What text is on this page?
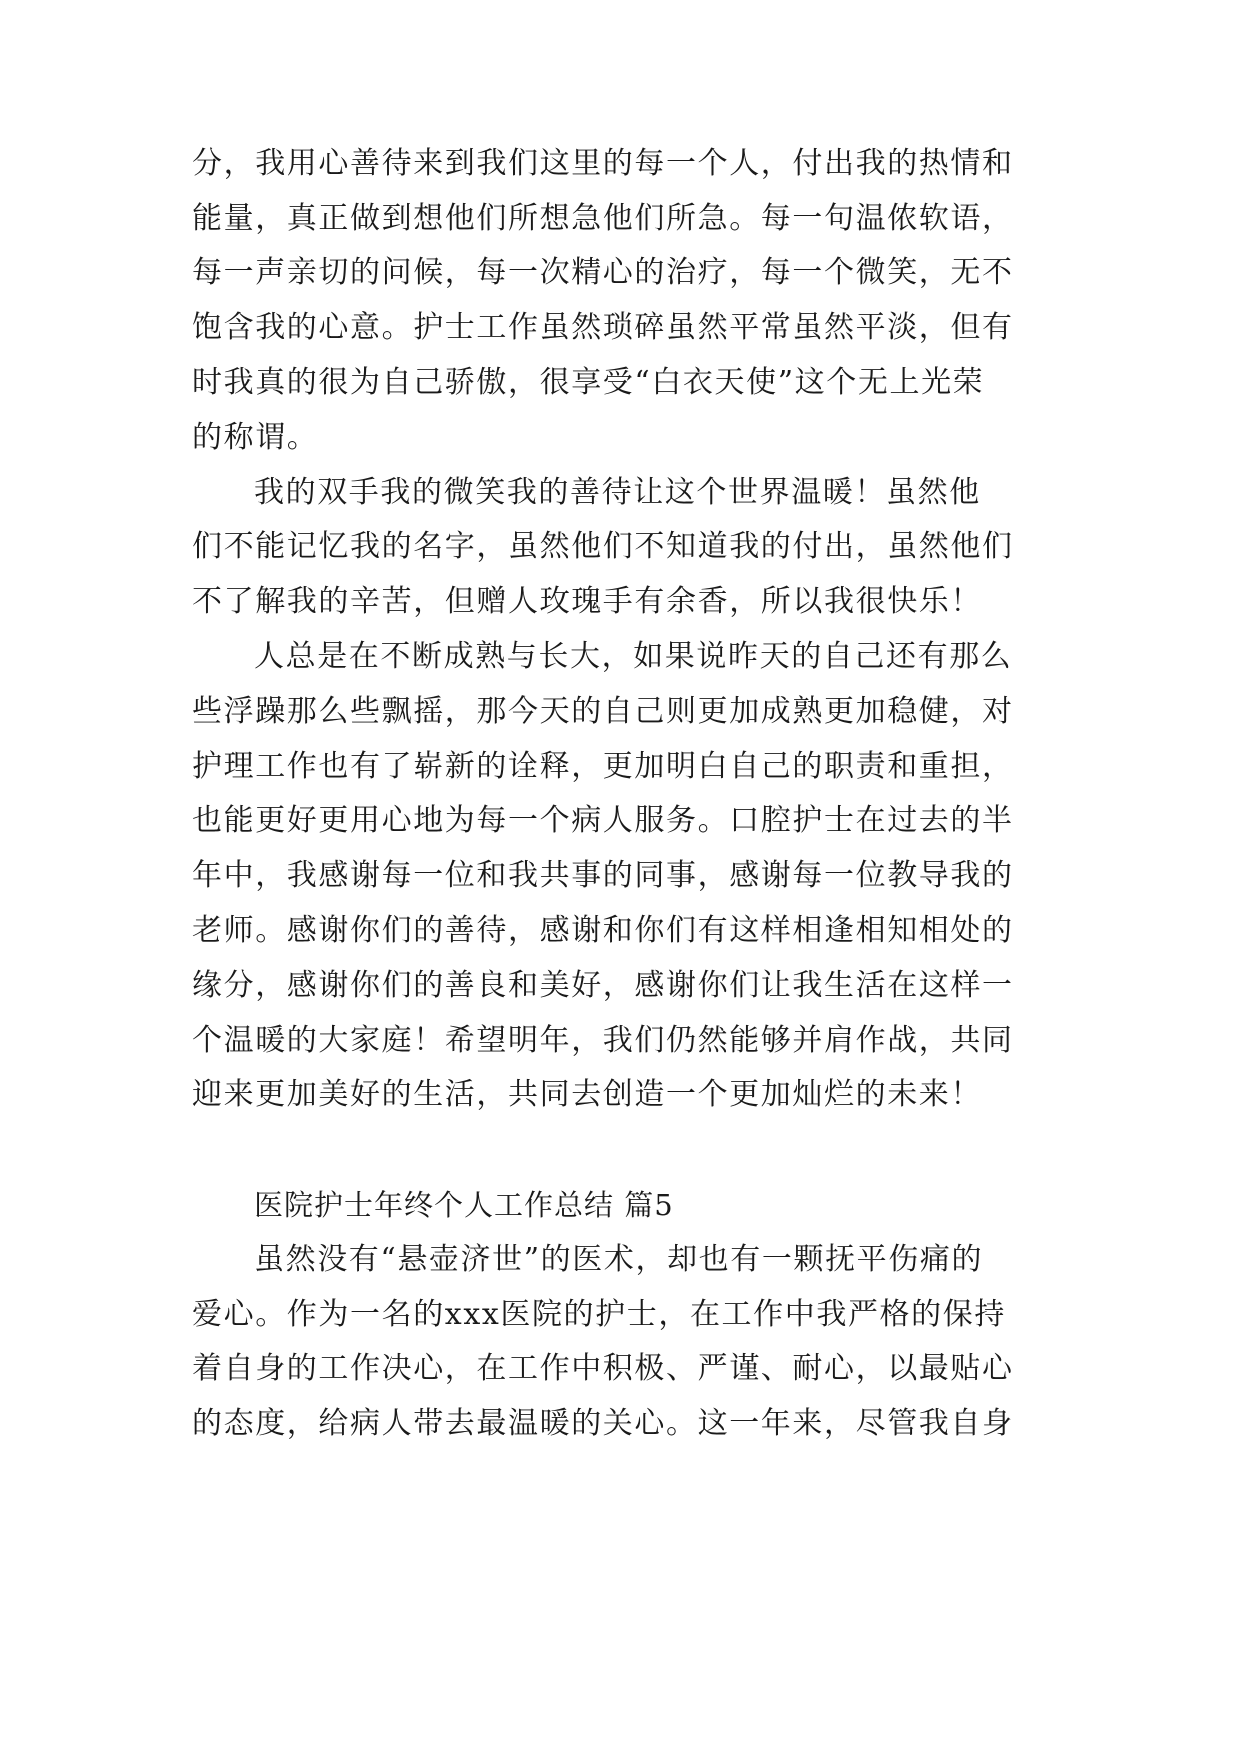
分，我用心善待来到我们这里的每一个人，付出我的热情和
能量，真正做到想他们所想急他们所急。每一句温侬软语，
每一声亲切的问候，每一次精心的治疗，每一个微笑，无不
饱含我的心意。护士工作虽然琐碎虽然平常虽然平淡，但有
时我真的很为自己骄傲，很享受“白衣天使”这个无上光荣
的称谓。
我的双手我的微笑我的善待让这个世界温暖！虽然他
们不能记忆我的名字，虽然他们不知道我的付出，虽然他们
不了解我的辛苦，但赠人玫瑰手有余香，所以我很快乐！
人总是在不断成熟与长大，如果说昨天的自己还有那么
些浮躁那么些飘摇，那今天的自己则更加成熟更加稳健，对
护理工作也有了崭新的诠释，更加明白自己的职责和重担，
也能更好更用心地为每一个病人服务。口腔护士在过去的半
年中，我感谢每一位和我共事的同事，感谢每一位教导我的
老师。感谢你们的善待，感谢和你们有这样相逢相知相处的
缘分，感谢你们的善良和美好，感谢你们让我生活在这样一
个温暖的大家庭！希望明年，我们仍然能够并肩作战，共同
迎来更加美好的生活，共同去创造一个更加灿烂的未来！
医院护士年终个人工作总结 篇5
虽然没有“悬壶济世”的医术，却也有一颗抚平伤痛的
爱心。作为一名的xxx医院的护士，在工作中我严格的保持
着自身的工作决心，在工作中积极、严谨、耐心，以最贴心
的态度，给病人带去最温暖的关心。这一年来，尽管我自身
